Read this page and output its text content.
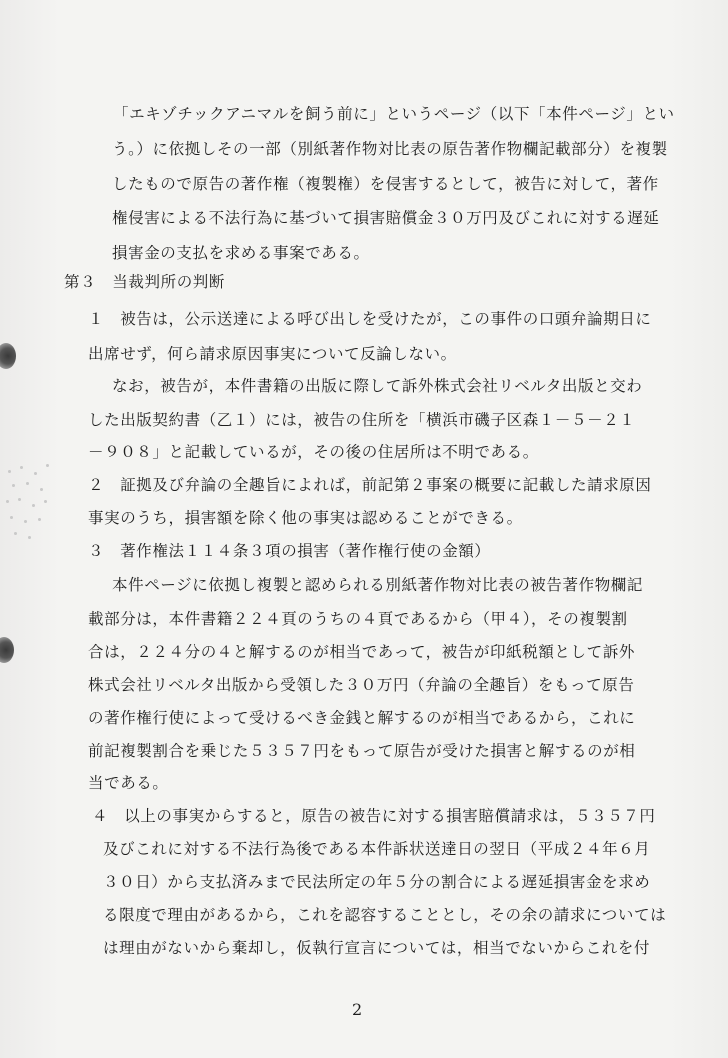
「エキゾチックアニマルを飼う前に」というページ（以下「本件ページ」とい
う。）に依拠しその一部（別紙著作物対比表の原告著作物欄記載部分）を複製
したもので原告の著作権（複製権）を侵害するとして，被告に対して，著作
権侵害による不法行為に基づいて損害賠償金３０万円及びこれに対する遅延
損害金の支払を求める事案である。
第３　当裁判所の判断
１　被告は，公示送達による呼び出しを受けたが，この事件の口頭弁論期日に
出席せず，何ら請求原因事実について反論しない。
なお，被告が，本件書籍の出版に際して訴外株式会社リベルタ出版と交わ
した出版契約書（乙１）には，被告の住所を「横浜市磯子区森１－５－２１
－９０８」と記載しているが，その後の住居所は不明である。
２　証拠及び弁論の全趣旨によれば，前記第２事案の概要に記載した請求原因
事実のうち，損害額を除く他の事実は認めることができる。
３　著作権法１１４条３項の損害（著作権行使の金額）
本件ページに依拠し複製と認められる別紙著作物対比表の被告著作物欄記
載部分は，本件書籍２２４頁のうちの４頁であるから（甲４），その複製割
合は，２２４分の４と解するのが相当であって，被告が印紙税額として訴外
株式会社リベルタ出版から受領した３０万円（弁論の全趣旨）をもって原告
の著作権行使によって受けるべき金銭と解するのが相当であるから，これに
前記複製割合を乗じた５３５７円をもって原告が受けた損害と解するのが相
当である。
４　以上の事実からすると，原告の被告に対する損害賠償請求は，５３５７円
及びこれに対する不法行為後である本件訴状送達日の翌日（平成２４年６月
３０日）から支払済みまで民法所定の年５分の割合による遅延損害金を求め
る限度で理由があるから，これを認容することとし，その余の請求については
は理由がないから棄却し，仮執行宣言については，相当でないからこれを付
2
